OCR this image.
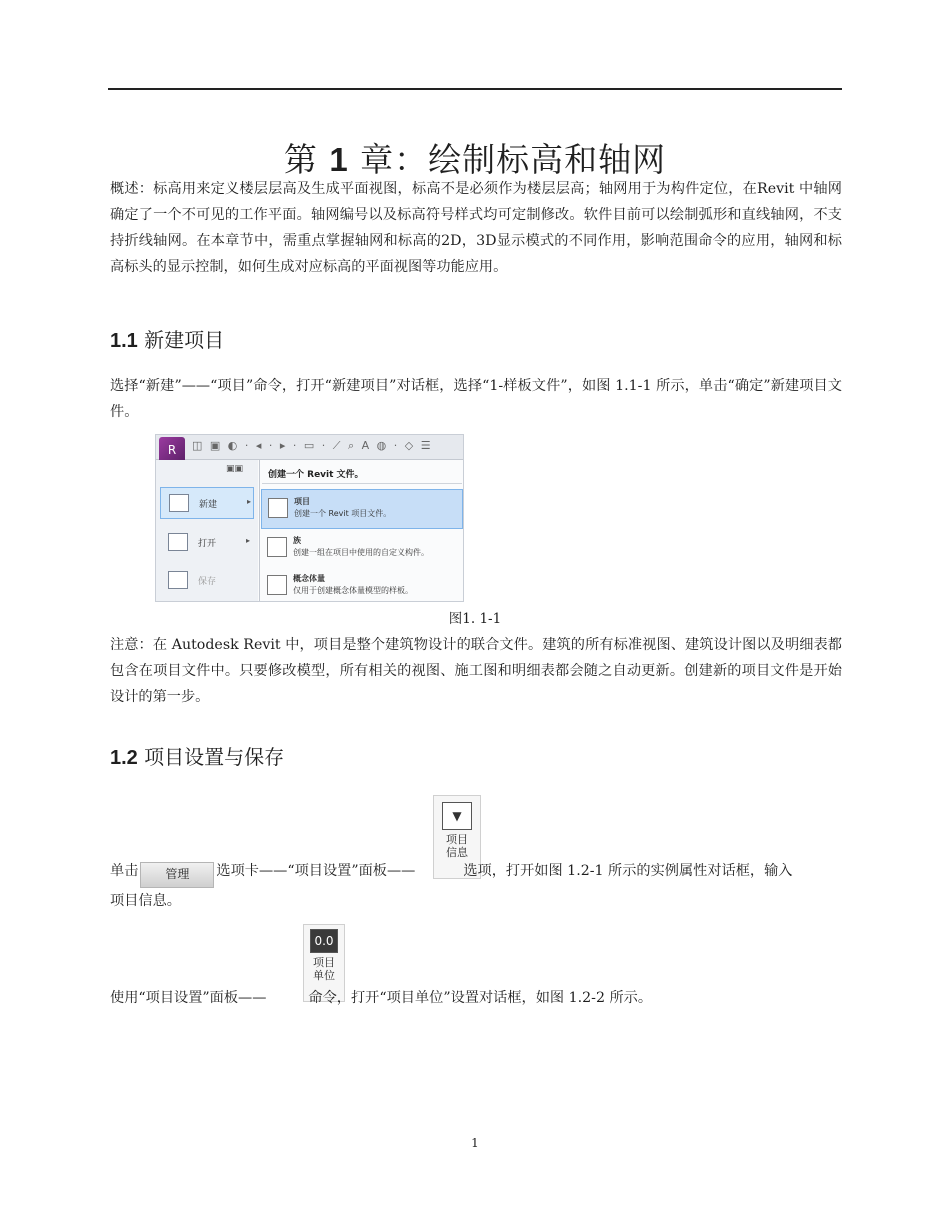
第 1 章：绘制标高和轴网

概述：标高用来定义楼层层高及生成平面视图，标高不是必须作为楼层层高；轴网用于为构件定位，在Revit 中轴网确定了一个不可见的工作平面。轴网编号以及标高符号样式均可定制修改。软件目前可以绘制弧形和直线轴网，不支持折线轴网。在本章节中，需重点掌握轴网和标高的2D，3D显示模式的不同作用，影响范围命令的应用，轴网和标高标头的显示控制，如何生成对应标高的平面视图等功能应用。

1.1 新建项目

选择“新建”——“项目”命令，打开“新建项目”对话框，选择“1-样板文件”，如图 1.1-1 所示，单击“确定”新建项目文件。

R	◫ ▣ ◐ · ◂ · ▸ · ▭ · ⟋ ⌕ A ◍ · ◇ ☰
▣▣
新建	▸
打开	▸
保存
创建一个 Revit 文件。
项目
创建一个 Revit 项目文件。
族
创建一组在项目中使用的自定义构件。
概念体量
仅用于创建概念体量模型的样板。
图1. 1-1

注意：在 Autodesk Revit 中，项目是整个建筑物设计的联合文件。建筑的所有标准视图、建筑设计图以及明细表都包含在项目文件中。只要修改模型，所有相关的视图、施工图和明细表都会随之自动更新。创建新的项目文件是开始设计的第一步。

1.2 项目设置与保存
▼
项目
信息
单击 管理 选项卡——“项目设置”面板——	选项，打开如图 1.2-1 所示的实例属性对话框，输入
项目信息。
0.0
项目
单位
使用“项目设置”面板——	命令，打开“项目单位”设置对话框，如图 1.2-2 所示。
1
